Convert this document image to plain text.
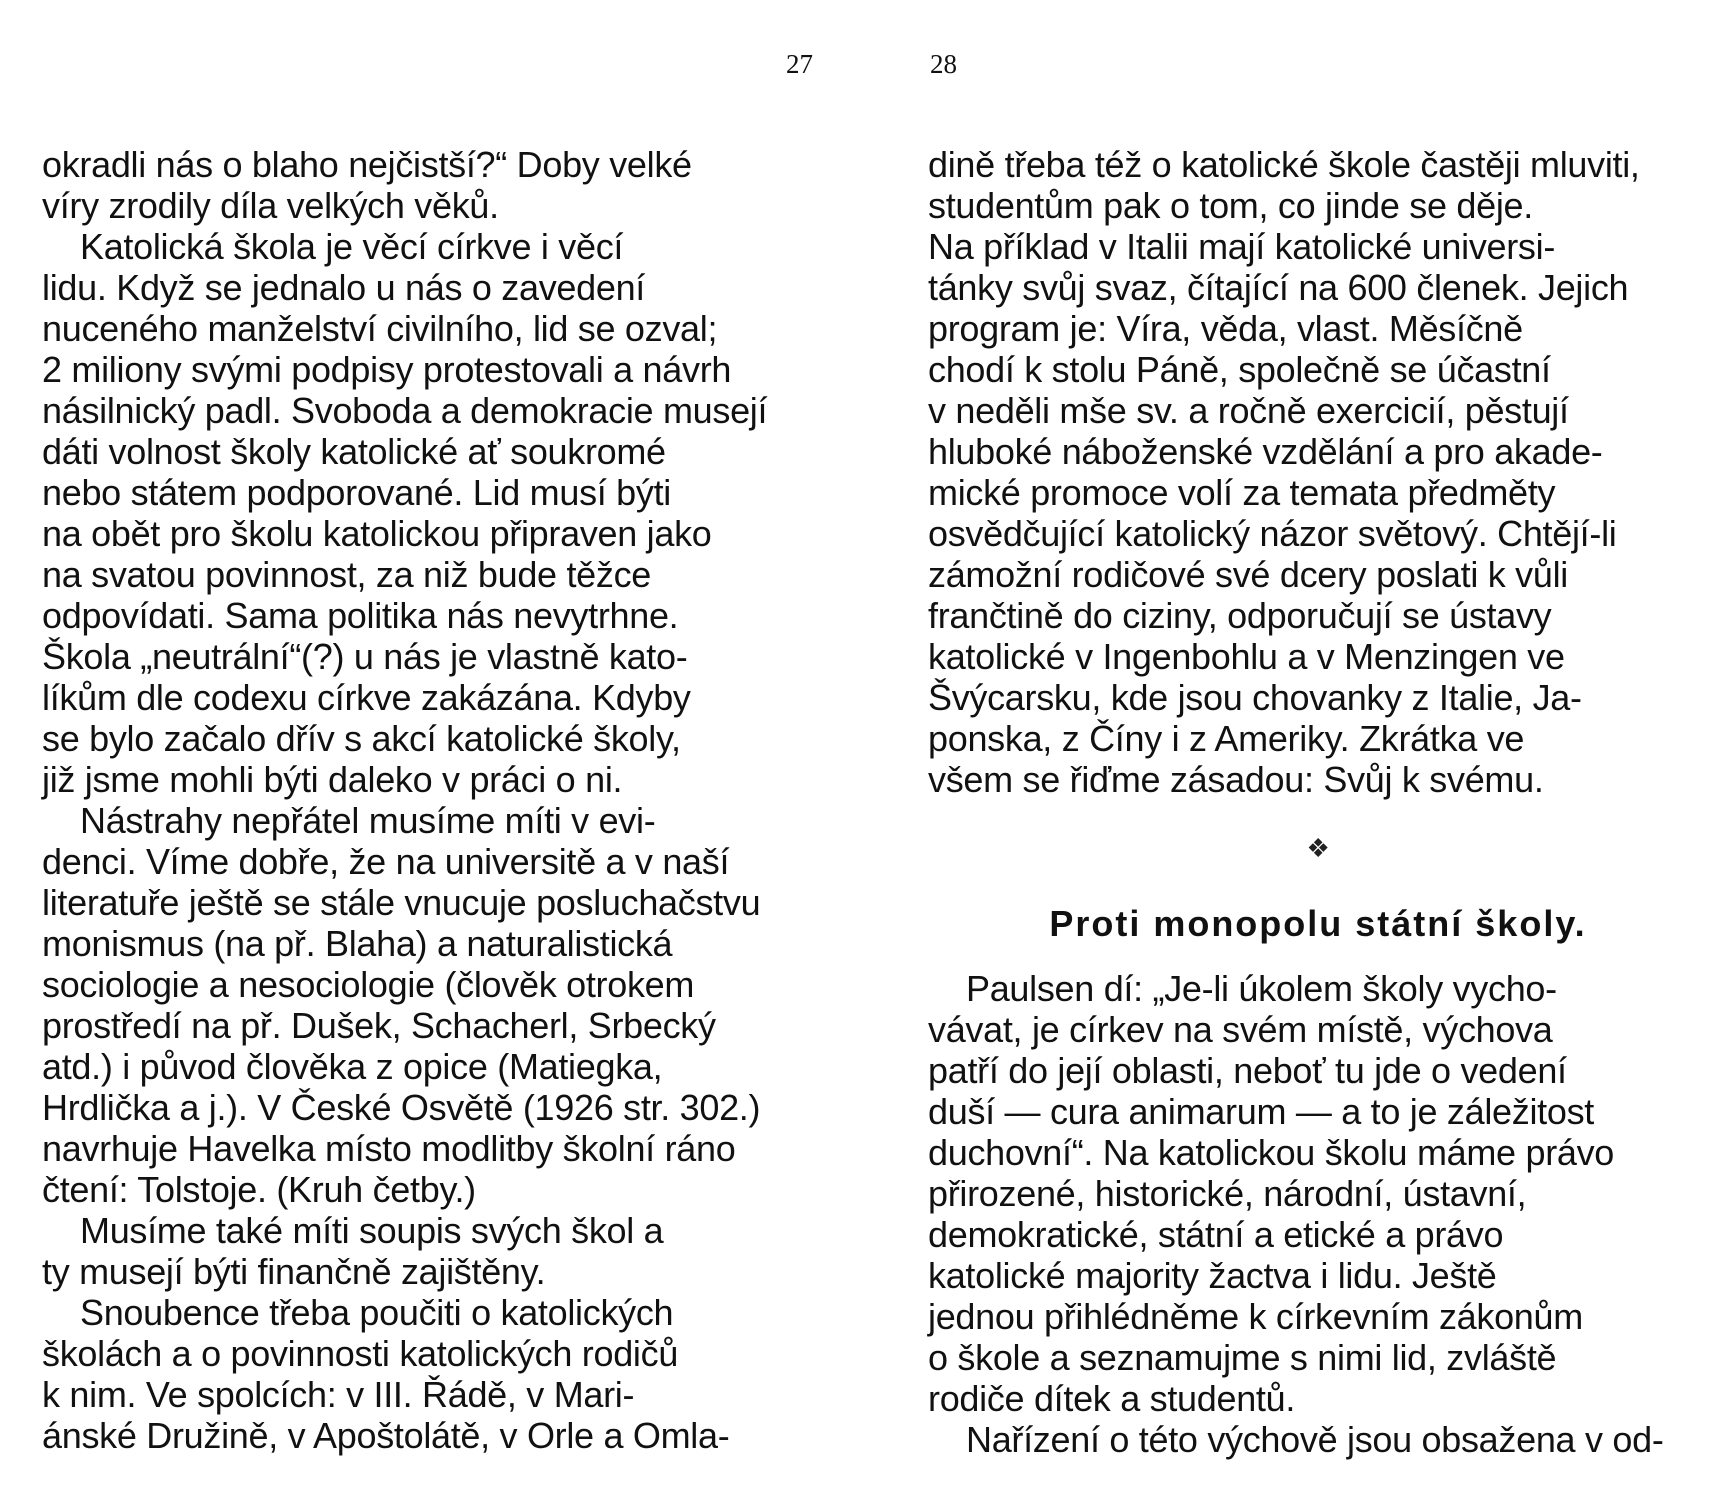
27	28
okradli nás o blaho nejčistší?“ Doby velké
víry zrodily díla velkých věků.
Katolická škola je věcí církve i věcí
lidu. Když se jednalo u nás o zavedení
nuceného manželství civilního, lid se ozval;
2 miliony svými podpisy protestovali a návrh
násilnický padl. Svoboda a demokracie musejí
dáti volnost školy katolické ať soukromé
nebo státem podporované. Lid musí býti
na obět pro školu katolickou připraven jako
na svatou povinnost, za niž bude těžce
odpovídati. Sama politika nás nevytrhne.
Škola „neutrální“(?) u nás je vlastně kato-
líkům dle codexu církve zakázána. Kdyby
se bylo začalo dřív s akcí katolické školy,
již jsme mohli býti daleko v práci o ni.
Nástrahy nepřátel musíme míti v evi-
denci. Víme dobře, že na universitě a v naší
literatuře ještě se stále vnucuje posluchačstvu
monismus (na př. Blaha) a naturalistická
sociologie a nesociologie (člověk otrokem
prostředí na př. Dušek, Schacherl, Srbecký
atd.) i původ člověka z opice (Matiegka,
Hrdlička a j.). V České Osvětě (1926 str. 302.)
navrhuje Havelka místo modlitby školní ráno
čtení: Tolstoje. (Kruh četby.)
Musíme také míti soupis svých škol a
ty musejí býti finančně zajištěny.
Snoubence třeba poučiti o katolických
školách a o povinnosti katolických rodičů
k nim. Ve spolcích: v III. Řádě, v Mari-
ánské Družině, v Apoštolátě, v Orle a Omla-
dině třeba též o katolické škole častěji mluviti,
studentům pak o tom, co jinde se děje.
Na příklad v Italii mají katolické universi-
tánky svůj svaz, čítající na 600 členek. Jejich
program je: Víra, věda, vlast. Měsíčně
chodí k stolu Páně, společně se účastní
v neděli mše sv. a ročně exercicií, pěstují
hluboké náboženské vzdělání a pro akade-
mické promoce volí za temata předměty
osvědčující katolický názor světový. Chtějí-li
zámožní rodičové své dcery poslati k vůli
frančtině do ciziny, odporučují se ústavy
katolické v Ingenbohlu a v Menzingen ve
Švýcarsku, kde jsou chovanky z Italie, Ja-
ponska, z Číny i z Ameriky. Zkrátka ve
všem se řiďme zásadou: Svůj k svému.
❖
Proti monopolu státní školy.
Paulsen dí: „Je-li úkolem školy vycho-
vávat, je církev na svém místě, výchova
patří do její oblasti, neboť tu jde o vedení
duší — cura animarum — a to je záležitost
duchovní“. Na katolickou školu máme právo
přirozené, historické, národní, ústavní,
demokratické, státní a etické a právo
katolické majority žactva i lidu. Ještě
jednou přihlédněme k církevním zákonům
o škole a seznamujme s nimi lid, zvláště
rodiče dítek a studentů.
Nařízení o této výchově jsou obsažena v od-
